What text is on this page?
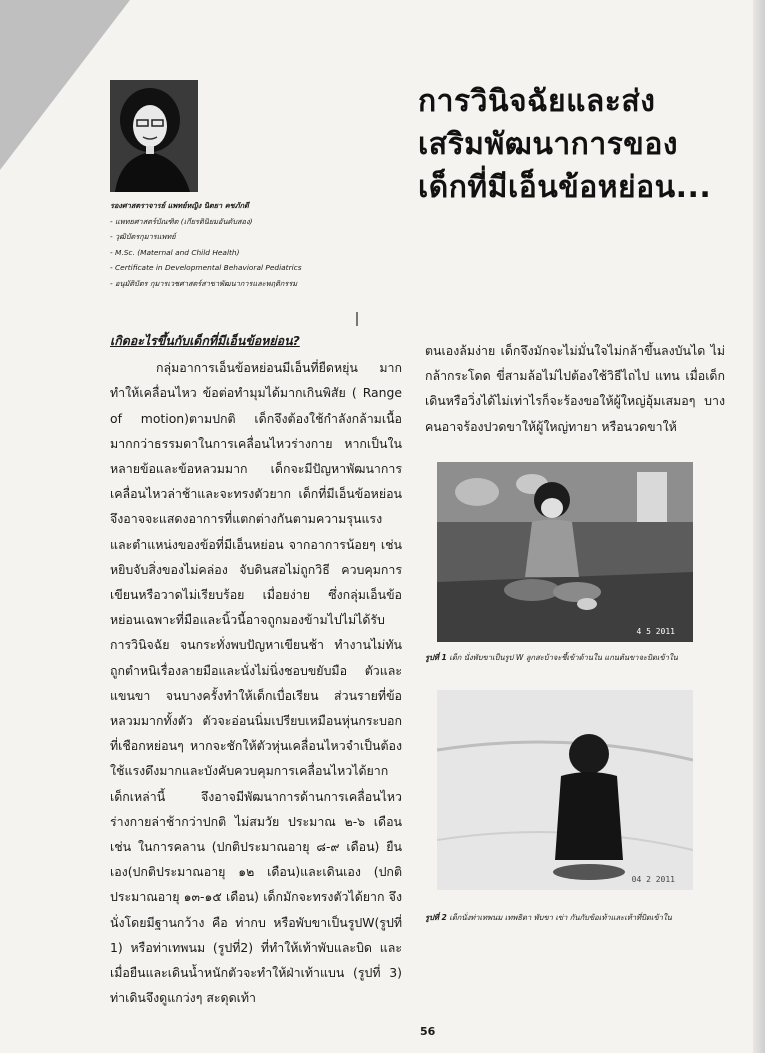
รองศาสตราจารย์ แพทย์หญิง นิตยา คชภักดี
- แพทยศาสตร์บัณฑิต (เกียรตินิยมอันดับสอง)
- วุฒิบัตรกุมารแพทย์
- M.Sc. (Maternal and Child Health)
- Certificate in Developmental Behavioral Pediatrics
- อนุมัติบัตร กุมารเวชศาสตร์สาขาพัฒนาการและพฤติกรรม
การวินิจฉัยและส่งเสริมพัฒนาการของเด็กที่มีเอ็นข้อหย่อน...
เกิดอะไรขึ้นกับเด็กที่มีเอ็นข้อหย่อน?

กลุ่มอาการเอ็นข้อหย่อนมีเอ็นที่ยืดหยุ่น มากทำให้เคลื่อนไหว ข้อต่อทำมุมได้มากเกินพิสัย ( Range of motion)ตามปกติ เด็กจึงต้องใช้กำลังกล้ามเนื้อมากกว่าธรรมดาในการเคลื่อนไหวร่างกาย หากเป็นในหลายข้อและข้อหลวมมาก เด็กจะมีปัญหาพัฒนาการเคลื่อนไหวล่าช้าและจะทรงตัวยาก เด็กที่มีเอ็นข้อหย่อน จึงอาจจะแสดงอาการที่แตกต่างกันตามความรุนแรงและตำแหน่งของข้อที่มีเอ็นหย่อน จากอาการน้อยๆ เช่น หยิบจับสิ่งของไม่คล่อง จับดินสอไม่ถูกวิธี ควบคุมการเขียนหรือวาดไม่เรียบร้อย เมื่อยง่าย ซึ่งกลุ่มเอ็นข้อหย่อนเฉพาะที่มือและนิ้วนี้อาจถูกมองข้ามไปไม่ได้รับการวินิจฉัย จนกระทั่งพบปัญหาเขียนช้า ทำงานไม่ทัน ถูกตำหนิเรื่องลายมือและนั่งไม่นิ่งชอบขยับมือ ตัวและแขนขา จนบางครั้งทำให้เด็กเบื่อเรียน ส่วนรายที่ข้อหลวมมากทั้งตัว ตัวจะอ่อนนิ่มเปรียบเหมือนหุ่นกระบอกที่เชือกหย่อนๆ หากจะชักให้ตัวหุ่นเคลื่อนไหวจำเป็นต้องใช้แรงดึงมากและบังคับควบคุมการเคลื่อนไหวได้ยาก เด็กเหล่านี้ จึงอาจมีพัฒนาการด้านการเคลื่อนไหวร่างกายล่าช้ากว่าปกติ ไม่สมวัย ประมาณ ๒-๖ เดือน เช่น ในการคลาน (ปกติประมาณอายุ ๘-๙ เดือน) ยืนเอง(ปกติประมาณอายุ ๑๒ เดือน)และเดินเอง (ปกติประมาณอายุ ๑๓-๑๕ เดือน) เด็กมักจะทรงตัวได้ยาก จึงนั่งโดยมีฐานกว้าง คือ ท่ากบ หรือพับขาเป็นรูปW(รูปที่ 1) หรือท่าเทพนม (รูปที่2) ที่ทำให้เท้าพับและบิด และเมื่อยืนและเดินน้ำหนักตัวจะทำให้ฝ่าเท้าแบน (รูปที่ 3) ท่าเดินจึงดูแกว่งๆ สะดุดเท้า

ตนเองล้มง่าย เด็กจึงมักจะไม่มั่นใจไม่กล้าขึ้นลงบันได ไม่กล้ากระโดด ขี่สามล้อไม่ไปต้องใช้วิธีไถไป แทน เมื่อเด็กเดินหรือวิ่งได้ไม่เท่าไรก็จะร้องขอให้ผู้ใหญ่อุ้มเสมอๆ บางคนอาจร้องปวดขาให้ผู้ใหญ่ทายา หรือนวดขาให้

4 5 2011
รูปที่ 1 เด็ก นั่งพับขาเป็นรูป W ลูกสะบ้าจะชี้เข้าด้านใน แกนต้นขาจะบิดเข้าใน
04 2 2011
รูปที่ 2 เด็กนั่งท่าเทพนม เทพธิดา พับขา เข่า กันกับข้อเท้าและเท้าที่บิดเข้าใน
56
